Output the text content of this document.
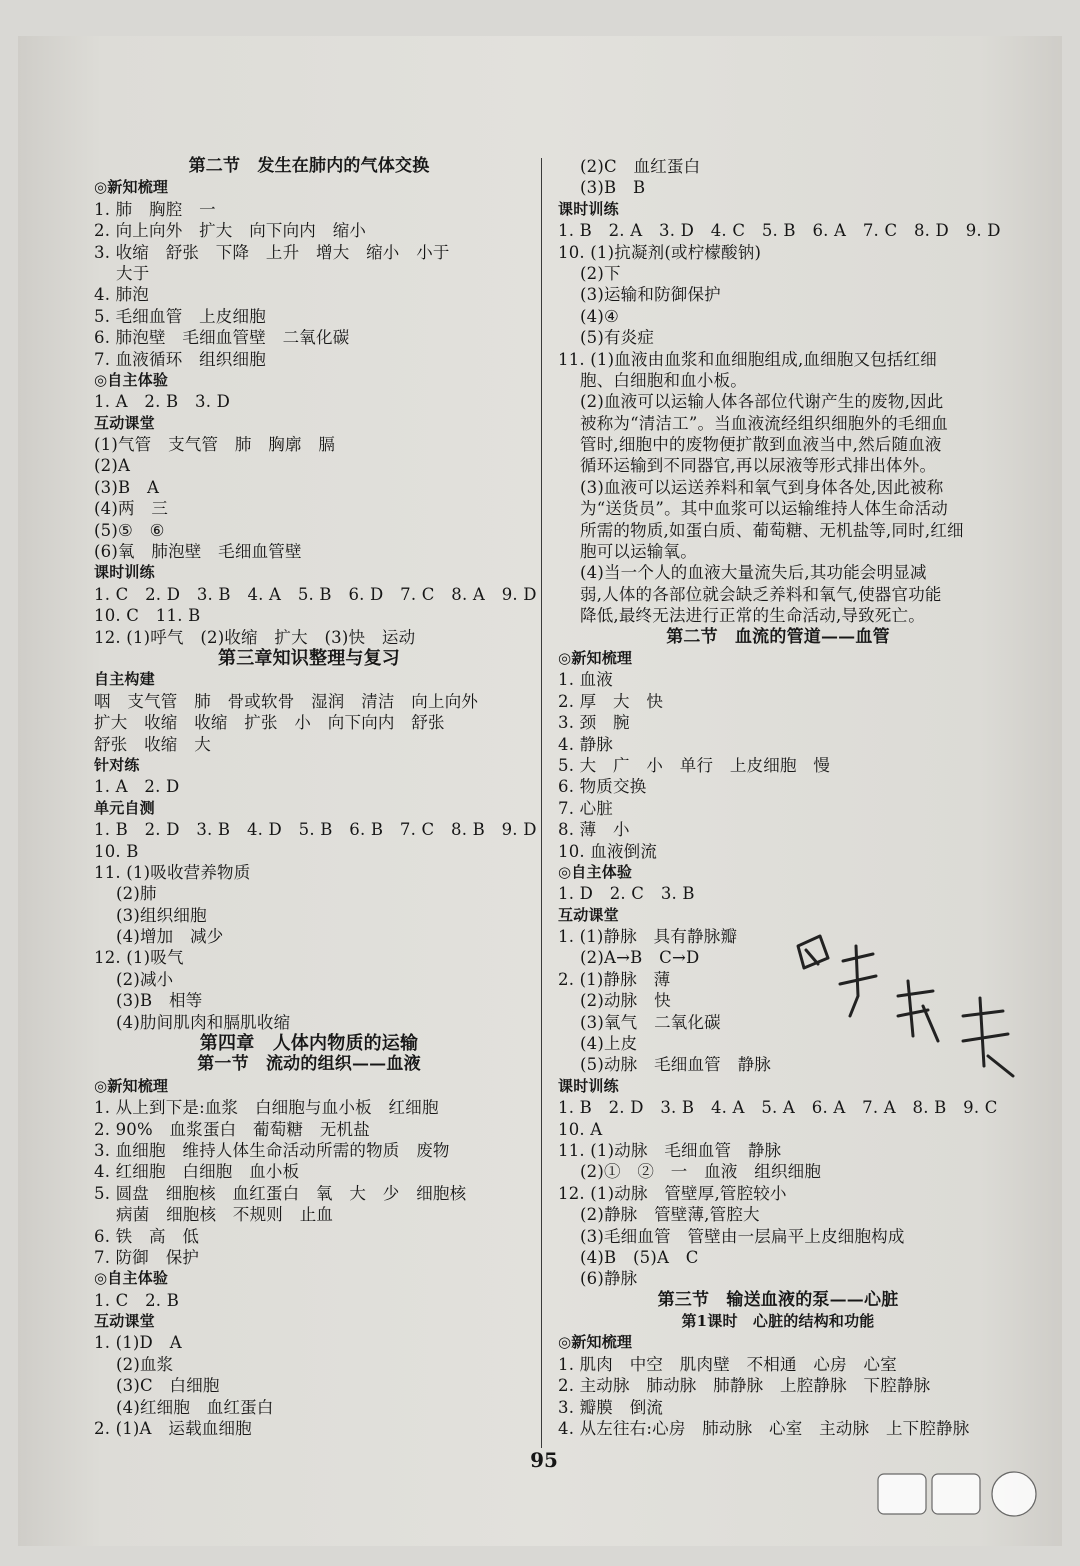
第二节　发生在肺内的气体交换
◎新知梳理
1. 肺　胸腔　一
2. 向上向外　扩大　向下向内　缩小
3. 收缩　舒张　下降　上升　增大　缩小　小于
大于
4. 肺泡
5. 毛细血管　上皮细胞
6. 肺泡壁　毛细血管壁　二氧化碳
7. 血液循环　组织细胞
◎自主体验
1. A　2. B　3. D
互动课堂
(1)气管　支气管　肺　胸廓　膈
(2)A
(3)B　A
(4)两　三
(5)⑤　⑥
(6)氧　肺泡壁　毛细血管壁
课时训练
1. C　2. D　3. B　4. A　5. B　6. D　7. C　8. A　9. D
10. C　11. B
12. (1)呼气　(2)收缩　扩大　(3)快　运动
第三章知识整理与复习
自主构建
咽　支气管　肺　骨或软骨　湿润　清洁　向上向外
扩大　收缩　收缩　扩张　小　向下向内　舒张
舒张　收缩　大
针对练
1. A　2. D
单元自测
1. B　2. D　3. B　4. D　5. B　6. B　7. C　8. B　9. D
10. B
11. (1)吸收营养物质
(2)肺
(3)组织细胞
(4)增加　减少
12. (1)吸气
(2)减小
(3)B　相等
(4)肋间肌肉和膈肌收缩
第四章　人体内物质的运输
第一节　流动的组织——血液
◎新知梳理
1. 从上到下是:血浆　白细胞与血小板　红细胞
2. 90%　血浆蛋白　葡萄糖　无机盐
3. 血细胞　维持人体生命活动所需的物质　废物
4. 红细胞　白细胞　血小板
5. 圆盘　细胞核　血红蛋白　氧　大　少　细胞核
病菌　细胞核　不规则　止血
6. 铁　高　低
7. 防御　保护
◎自主体验
1. C　2. B
互动课堂
1. (1)D　A
(2)血浆
(3)C　白细胞
(4)红细胞　血红蛋白
2. (1)A　运载血细胞
(2)C　血红蛋白
(3)B　B
课时训练
1. B　2. A　3. D　4. C　5. B　6. A　7. C　8. D　9. D
10. (1)抗凝剂(或柠檬酸钠)
(2)下
(3)运输和防御保护
(4)④
(5)有炎症
11. (1)血液由血浆和血细胞组成,血细胞又包括红细
胞、白细胞和血小板。
(2)血液可以运输人体各部位代谢产生的废物,因此
被称为“清洁工”。当血液流经组织细胞外的毛细血
管时,细胞中的废物便扩散到血液当中,然后随血液
循环运输到不同器官,再以尿液等形式排出体外。
(3)血液可以运送养料和氧气到身体各处,因此被称
为“送货员”。其中血浆可以运输维持人体生命活动
所需的物质,如蛋白质、葡萄糖、无机盐等,同时,红细
胞可以运输氧。
(4)当一个人的血液大量流失后,其功能会明显减
弱,人体的各部位就会缺乏养料和氧气,使器官功能
降低,最终无法进行正常的生命活动,导致死亡。
第二节　血流的管道——血管
◎新知梳理
1. 血液
2. 厚　大　快
3. 颈　腕
4. 静脉
5. 大　广　小　单行　上皮细胞　慢
6. 物质交换
7. 心脏
8. 薄　小
10. 血液倒流
◎自主体验
1. D　2. C　3. B
互动课堂
1. (1)静脉　具有静脉瓣
(2)A→B　C→D
2. (1)静脉　薄
(2)动脉　快
(3)氧气　二氧化碳
(4)上皮
(5)动脉　毛细血管　静脉
课时训练
1. B　2. D　3. B　4. A　5. A　6. A　7. A　8. B　9. C
10. A
11. (1)动脉　毛细血管　静脉
(2)①　②　一　血液　组织细胞
12. (1)动脉　管壁厚,管腔较小
(2)静脉　管壁薄,管腔大
(3)毛细血管　管壁由一层扁平上皮细胞构成
(4)B　(5)A　C
(6)静脉
第三节　输送血液的泵——心脏
第1课时　心脏的结构和功能
◎新知梳理
1. 肌肉　中空　肌肉壁　不相通　心房　心室
2. 主动脉　肺动脉　肺静脉　上腔静脉　下腔静脉
3. 瓣膜　倒流
4. 从左往右:心房　肺动脉　心室　主动脉　上下腔静脉
95
